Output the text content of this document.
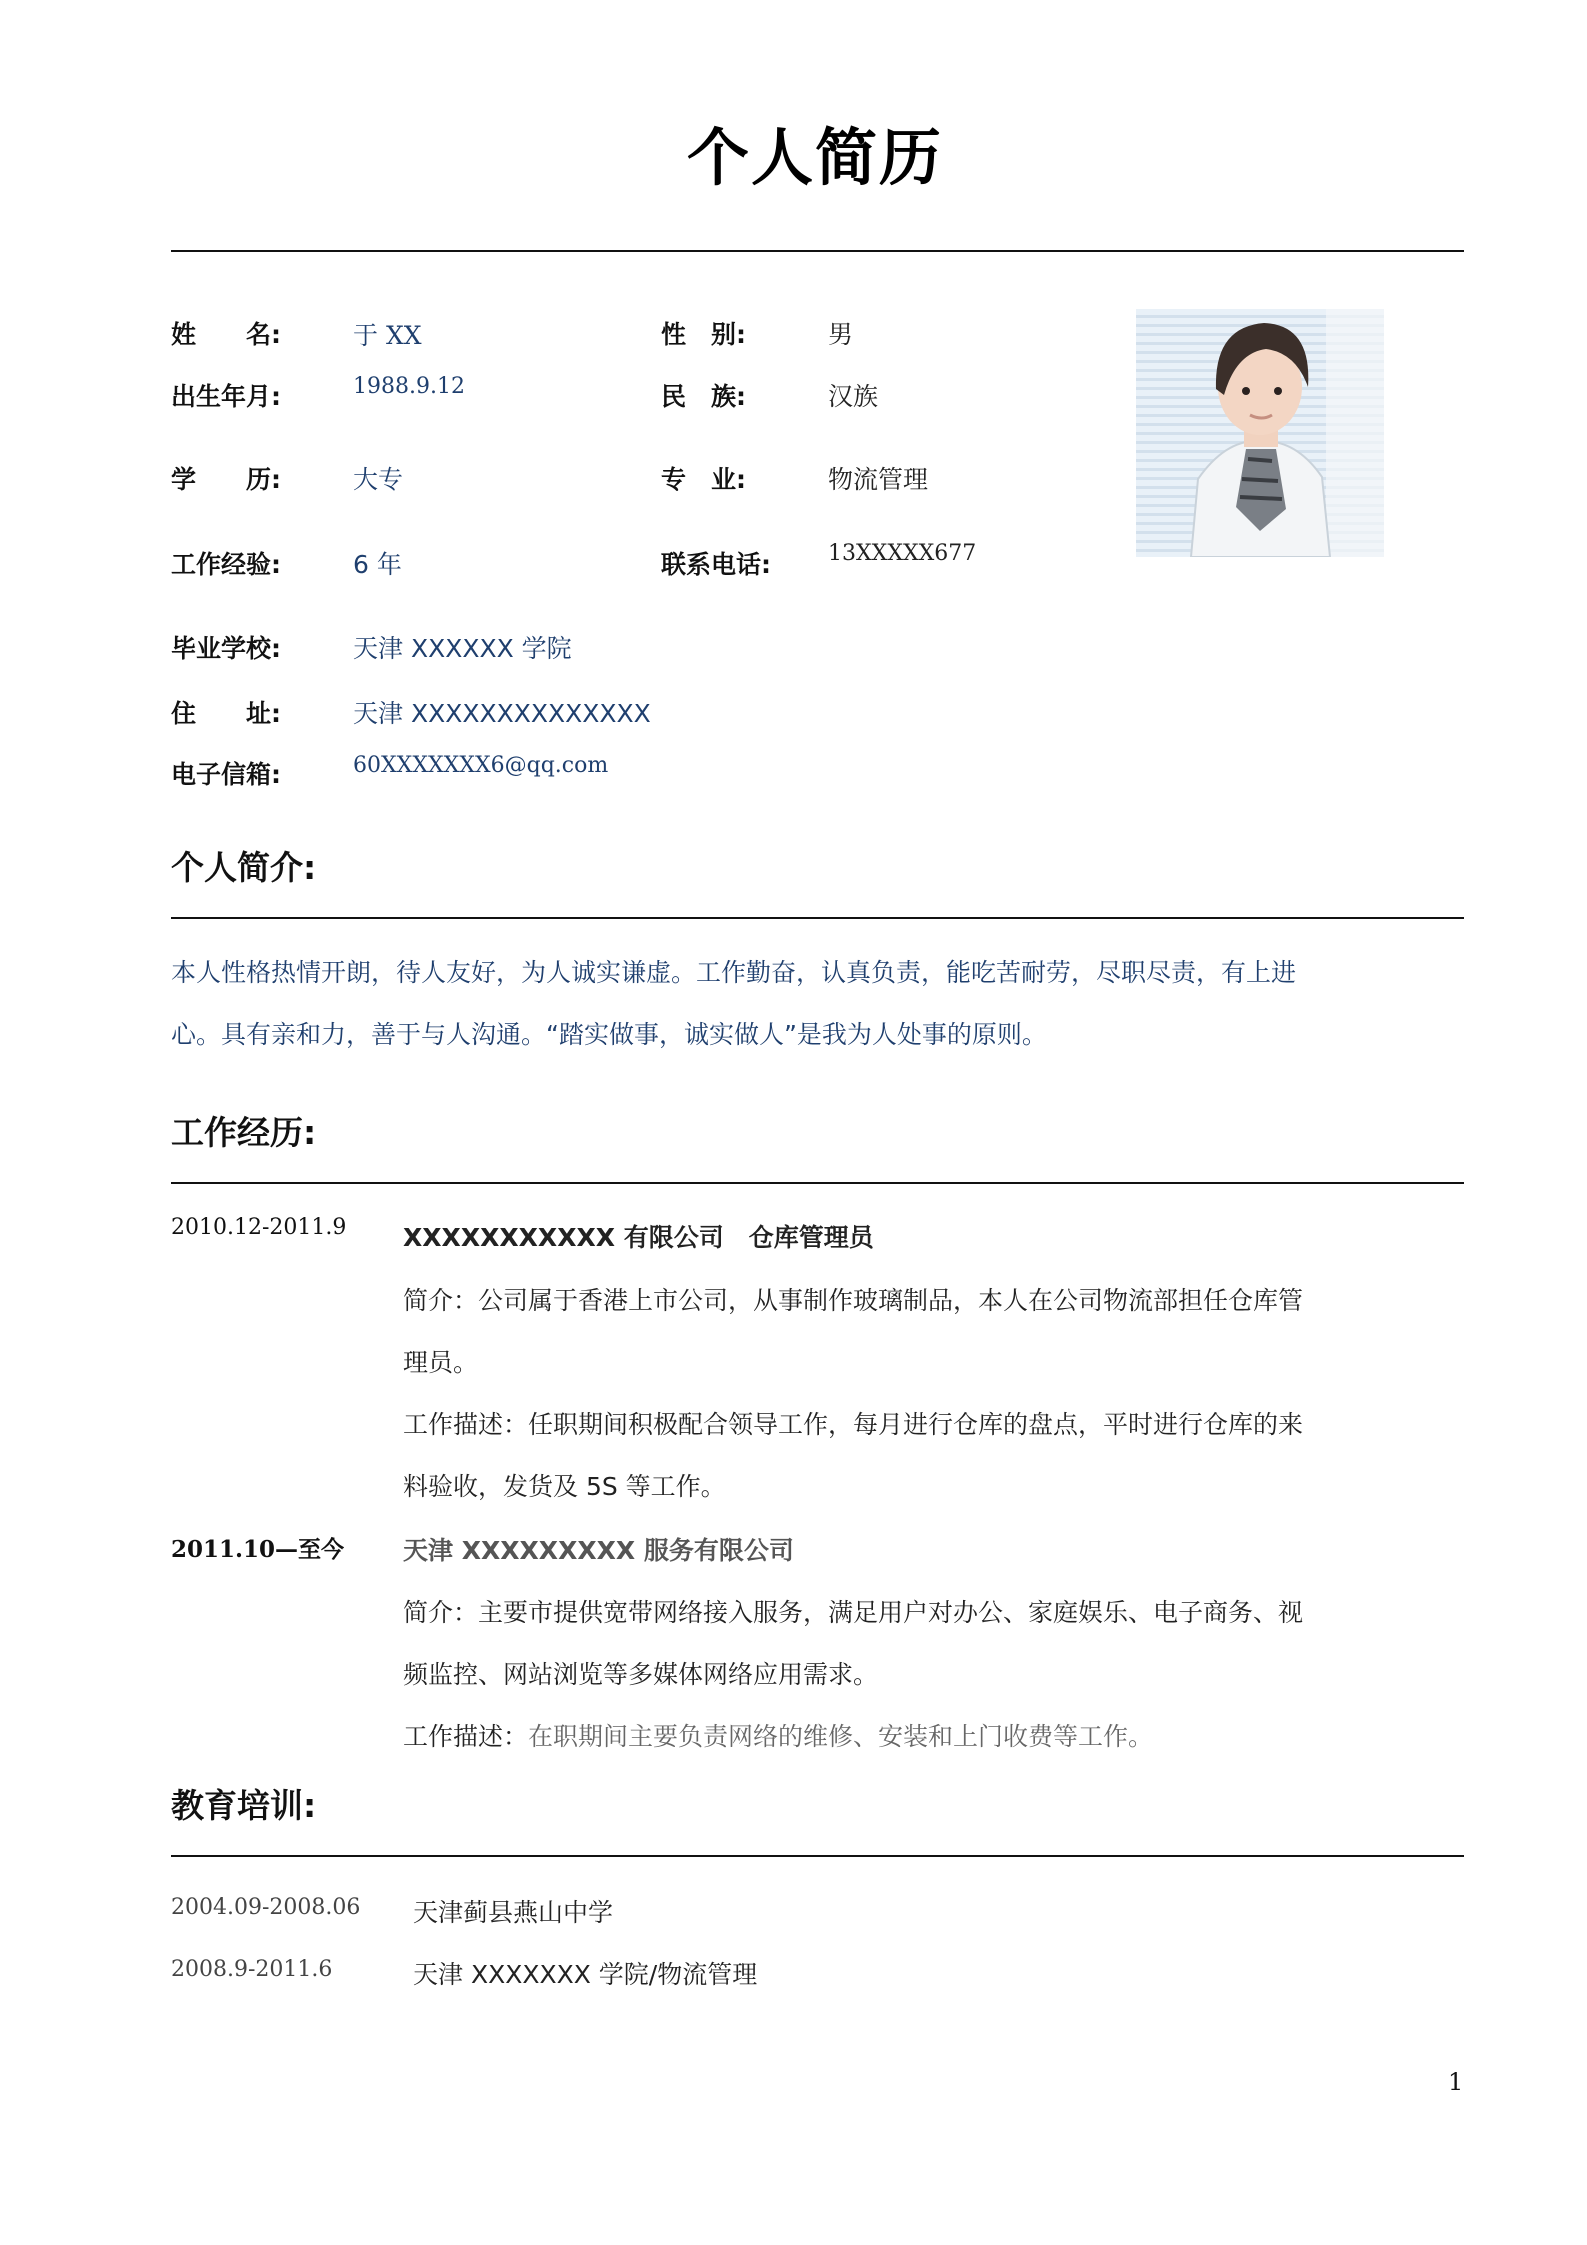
个人简历
姓　　名:	于 XX	性　别:	男
出生年月:	1988.9.12	民　族:	汉族
学　　历:	大专	专　业:	物流管理
工作经验:	6 年	联系电话:	13XXXXX677
毕业学校:	天津 XXXXXX 学院
住　　址:	天津 XXXXXXXXXXXXXX
电子信箱:	60XXXXXXX6@qq.com
个人简介:
本人性格热情开朗，待人友好，为人诚实谦虚。工作勤奋，认真负责，能吃苦耐劳，尽职尽责，有上进
心。具有亲和力，善于与人沟通。“踏实做事，诚实做人”是我为人处事的原则。
工作经历:
2010.12-2011.9 XXXXXXXXXXX 有限公司　仓库管理员
简介：公司属于香港上市公司，从事制作玻璃制品，本人在公司物流部担任仓库管
理员。
工作描述：任职期间积极配合领导工作，每月进行仓库的盘点，平时进行仓库的来
料验收，发货及 5S 等工作。
2011.10—至今 天津 XXXXXXXXX 服务有限公司
简介：主要市提供宽带网络接入服务，满足用户对办公、家庭娱乐、电子商务、视
频监控、网站浏览等多媒体网络应用需求。
工作描述：在职期间主要负责网络的维修、安装和上门收费等工作。
教育培训:
2004.09-2008.06 天津蓟县燕山中学
2008.9-2011.6	天津 XXXXXXX 学院/物流管理
1
